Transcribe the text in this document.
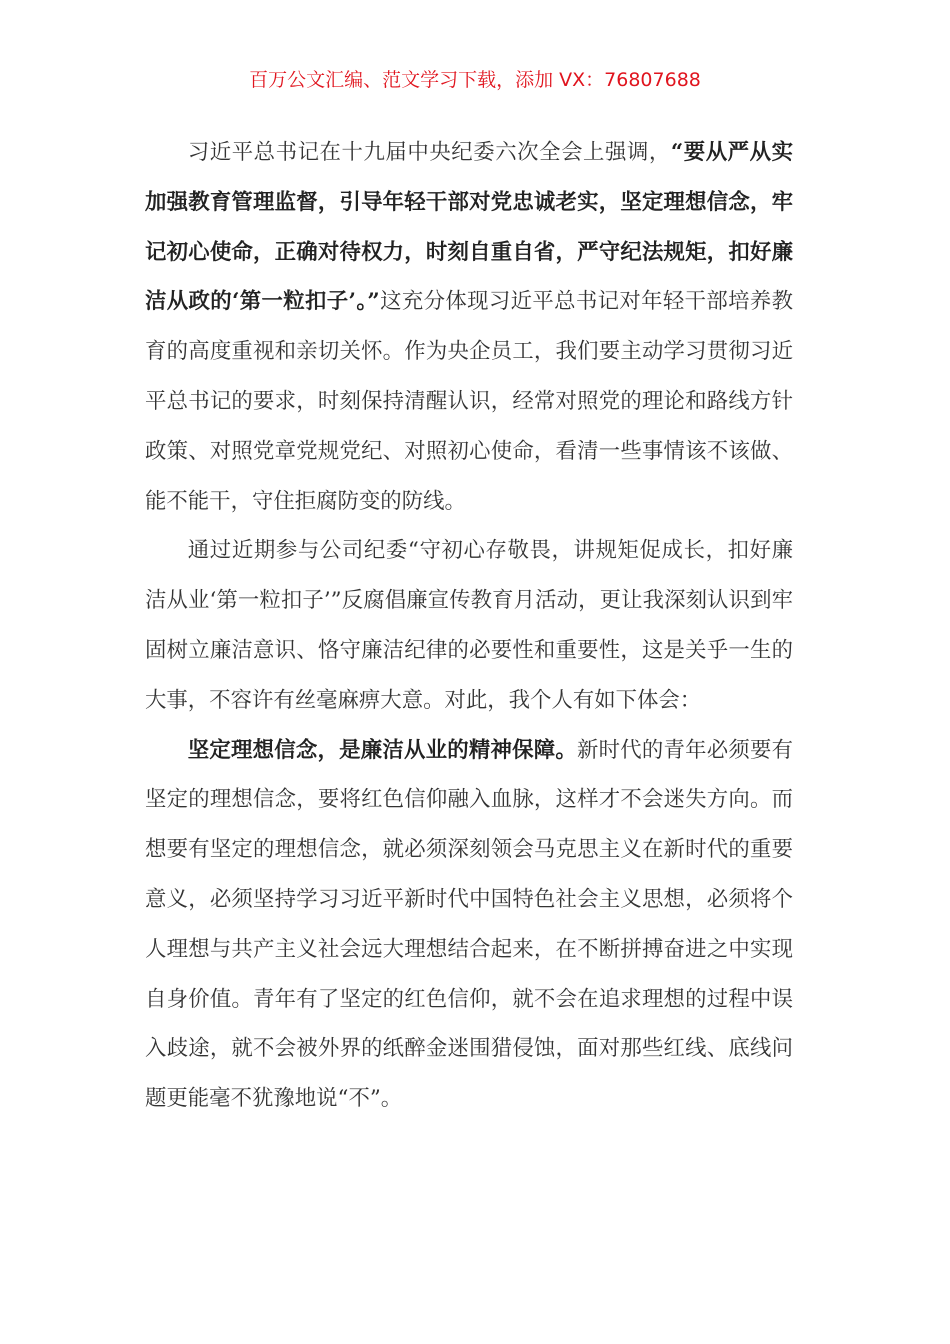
百万公文汇编、范文学习下载，添加 VX：76807688

习近平总书记在十九届中央纪委六次全会上强调，“要从严从实加强教育管理监督，引导年轻干部对党忠诚老实，坚定理想信念，牢记初心使命，正确对待权力，时刻自重自省，严守纪法规矩，扣好廉洁从政的‘第一粒扣子’。”这充分体现习近平总书记对年轻干部培养教育的高度重视和亲切关怀。作为央企员工，我们要主动学习贯彻习近平总书记的要求，时刻保持清醒认识，经常对照党的理论和路线方针政策、对照党章党规党纪、对照初心使命，看清一些事情该不该做、能不能干，守住拒腐防变的防线。

通过近期参与公司纪委“守初心存敬畏，讲规矩促成长，扣好廉洁从业‘第一粒扣子’”反腐倡廉宣传教育月活动，更让我深刻认识到牢固树立廉洁意识、恪守廉洁纪律的必要性和重要性，这是关乎一生的大事，不容许有丝毫麻痹大意。对此，我个人有如下体会：

坚定理想信念，是廉洁从业的精神保障。新时代的青年必须要有坚定的理想信念，要将红色信仰融入血脉，这样才不会迷失方向。而想要有坚定的理想信念，就必须深刻领会马克思主义在新时代的重要意义，必须坚持学习习近平新时代中国特色社会主义思想，必须将个人理想与共产主义社会远大理想结合起来，在不断拼搏奋进之中实现自身价值。青年有了坚定的红色信仰，就不会在追求理想的过程中误入歧途，就不会被外界的纸醉金迷围猎侵蚀，面对那些红线、底线问题更能毫不犹豫地说“不”。
